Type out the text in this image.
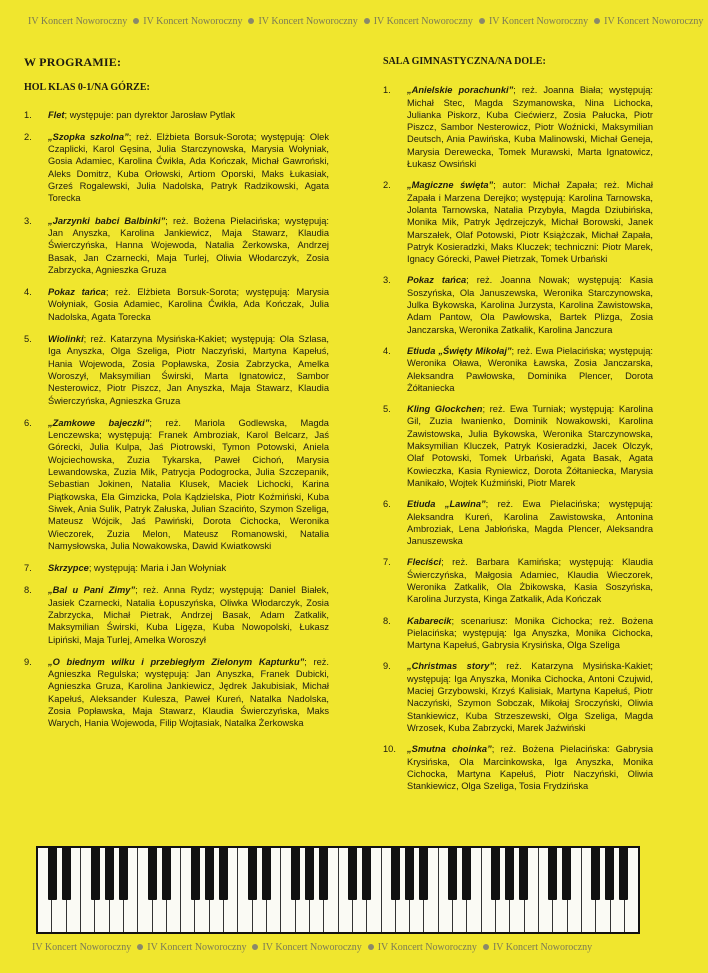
IV Koncert Noworoczny IV Koncert Noworoczny IV Koncert Noworoczny IV Koncert Noworoczny IV Koncert Noworoczny IV Koncert Noworoczny
W PROGRAMIE:
HOL KLAS 0-1/NA GÓRZE:
1.	Flet; występuje: pan dyrektor Jarosław Pytlak
2.	„Szopka szkolna”; reż. Elżbieta Borsuk-Sorota; występują: Olek Czaplicki, Karol Gęsina, Julia Starczynowska, Marysia Wołyniak, Gosia Adamiec, Karolina Ćwikła, Ada Kończak, Michał Gawroński, Aleks Domitrz, Kuba Orłowski, Artiom Oporski, Maks Łukasiak, Grześ Rogalewski, Julia Nadolska, Patryk Radzikowski, Agata Torecka
3.	„Jarzynki babci Balbinki”; reż. Bożena Pielacińska; występują: Jan Anyszka, Karolina Jankiewicz, Maja Stawarz, Klaudia Świerczyńska, Hanna Wojewoda, Natalia Żerkowska, Andrzej Basak, Jan Czarnecki, Maja Turlej, Oliwia Włodarczyk, Zosia Zabrzycka, Agnieszka Gruza
4.	Pokaz tańca; reż. Elżbieta Borsuk-Sorota; występują: Marysia Wołyniak, Gosia Adamiec, Karolina Ćwikła, Ada Kończak, Julia Nadolska, Agata Torecka
5.	Wiolinki; reż. Katarzyna Mysińska-Kakiet; występują: Ola Szlasa, Iga Anyszka, Olga Szeliga, Piotr Naczyński, Martyna Kapełuś, Hania Wojewoda, Zosia Popławska, Zosia Zabrzycka, Amelka Woroszył, Maksymilian Świrski, Marta Ignatowicz, Sambor Nesterowicz, Piotr Piszcz, Jan Anyszka, Maja Stawarz, Klaudia Świerczyńska, Agnieszka Gruza
6.	„Zamkowe bajeczki”; reż. Mariola Godlewska, Magda Lenczewska; występują: Franek Ambroziak, Karol Belcarz, Jaś Górecki, Julia Kulpa, Jaś Piotrowski, Tymon Potowski, Aniela Wojciechowska, Zuzia Tykarska, Paweł Cichoń, Marysia Lewandowska, Zuzia Mik, Patrycja Podogrocka, Julia Szczepanik, Sebastian Jokinen, Natalia Klusek, Maciek Lichocki, Karina Piątkowska, Ela Gimzicka, Pola Kądzielska, Piotr Koźmiński, Kuba Siwek, Ania Sulik, Patryk Załuska, Julian Szacińto, Szymon Szeliga, Mateusz Wójcik, Jaś Pawiński, Dorota Cichocka, Weronika Wieczorek, Zuzia Melon, Mateusz Romanowski, Natalia Namysłowska, Julia Nowakowska, Dawid Kwiatkowski
7.	Skrzypce; występują: Maria i Jan Wołyniak
8.	„Bal u Pani Zimy”; reż. Anna Rydz; występują: Daniel Białek, Jasiek Czarnecki, Natalia Łopuszyńska, Oliwka Włodarczyk, Zosia Zabrzycka, Michał Pietrak, Andrzej Basak, Adam Zatkalik, Maksymilian Świrski, Kuba Ligęza, Kuba Nowopolski, Łukasz Lipiński, Maja Turlej, Amelka Woroszył
9.	„O biednym wilku i przebiegłym Zielonym Kapturku”; reż. Agnieszka Regulska; występują: Jan Anyszka, Franek Dubicki, Agnieszka Gruza, Karolina Jankiewicz, Jędrek Jakubisiak, Michał Kapełuś, Aleksander Kulesza, Paweł Kureń, Natalka Nadolska, Zosia Popławska, Maja Stawarz, Klaudia Świerczyńska, Maks Warych, Hania Wojewoda, Filip Wojtasiak, Natalka Żerkowska
SALA GIMNASTYCZNA/NA DOLE:
1.	„Anielskie porachunki”; reż. Joanna Biała; występują: Michał Stec, Magda Szymanowska, Nina Lichocka, Julianka Piskorz, Kuba Ciećwierz, Zosia Pałucka, Piotr Piszcz, Sambor Nesterowicz, Piotr Woźnicki, Maksymilian Deutsch, Ania Pawińska, Kuba Malinowski, Michał Geneja, Marysia Derewecka, Tomek Murawski, Marta Ignatowicz, Łukasz Owsiński
2.	„Magiczne święta”; autor: Michał Zapała; reż. Michał Zapała i Marzena Derejko; występują: Karolina Tarnowska, Jolanta Tarnowska, Natalia Przybyła, Magda Dziubińska, Monika Mik, Patryk Jędrzejczyk, Michał Borowski, Janek Marszałek, Olaf Potowski, Piotr Książczak, Michał Zapała, Patryk Kosieradzki, Maks Kluczek; techniczni: Piotr Marek, Ignacy Górecki, Paweł Pietrzak, Tomek Urbański
3.	Pokaz tańca; reż. Joanna Nowak; występują: Kasia Soszyńska, Ola Januszewska, Weronika Starczynowska, Julka Bykowska, Karolina Jurzysta, Karolina Zawistowska, Adam Pantow, Ola Pawłowska, Bartek Plizga, Zosia Janczarska, Weronika Zatkalik, Karolina Janczura
4.	Etiuda „Święty Mikołaj”; reż. Ewa Pielacińska; występują: Weronika Oława, Weronika Ławska, Zosia Janczarska, Aleksandra Pawłowska, Dominika Plencer, Dorota Żółtaniecka
5.	Kling Glockchen; reż. Ewa Turniak; występują: Karolina Gil, Zuzia Iwanienko, Dominik Nowakowski, Karolina Zawistowska, Julia Bykowska, Weronika Starczynowska, Maksymilian Kluczek, Patryk Kosieradzki, Jacek Olczyk, Olaf Potowski, Tomek Urbański, Agata Basak, Agata Kowieczka, Kasia Ryniewicz, Dorota Żółtaniecka, Marysia Manikało, Wojtek Kuźmiński, Piotr Marek
6.	Etiuda „Lawina”; reż. Ewa Pielacińska; występują: Aleksandra Kureń, Karolina Zawistowska, Antonina Ambroziak, Lena Jabłońska, Magda Plencer, Aleksandra Januszewska
7.	Fleciści; reż. Barbara Kamińska; występują: Klaudia Świerczyńska, Małgosia Adamiec, Klaudia Wieczorek, Weronika Zatkalik, Ola Żbikowska, Kasia Soszyńska, Karolina Jurzysta, Kinga Zatkalik, Ada Kończak
8.	Kabarecik; scenariusz: Monika Cichocka; reż. Bożena Pielacińska; występują: Iga Anyszka, Monika Cichocka, Martyna Kapełuś, Gabrysia Krysińska, Olga Szeliga
9.	„Christmas story”; reż. Katarzyna Mysińska-Kakiet; występują: Iga Anyszka, Monika Cichocka, Antoni Czujwid, Maciej Grzybowski, Krzyś Kalisiak, Martyna Kapełuś, Piotr Naczyński, Szymon Sobczak, Mikołaj Sroczyński, Oliwia Stankiewicz, Kuba Strzeszewski, Olga Szeliga, Magda Wrzosek, Kuba Zabrzycki, Marek Jaźwiński
10.	„Smutna choinka”; reż. Bożena Pielacińska: Gabrysia Krysińska, Ola Marcinkowska, Iga Anyszka, Monika Cichocka, Martyna Kapełuś, Piotr Naczyński, Oliwia Stankiewicz, Olga Szeliga, Tosia Frydzińska
IV Koncert Noworoczny IV Koncert Noworoczny IV Koncert Noworoczny IV Koncert Noworoczny IV Koncert Noworoczny
